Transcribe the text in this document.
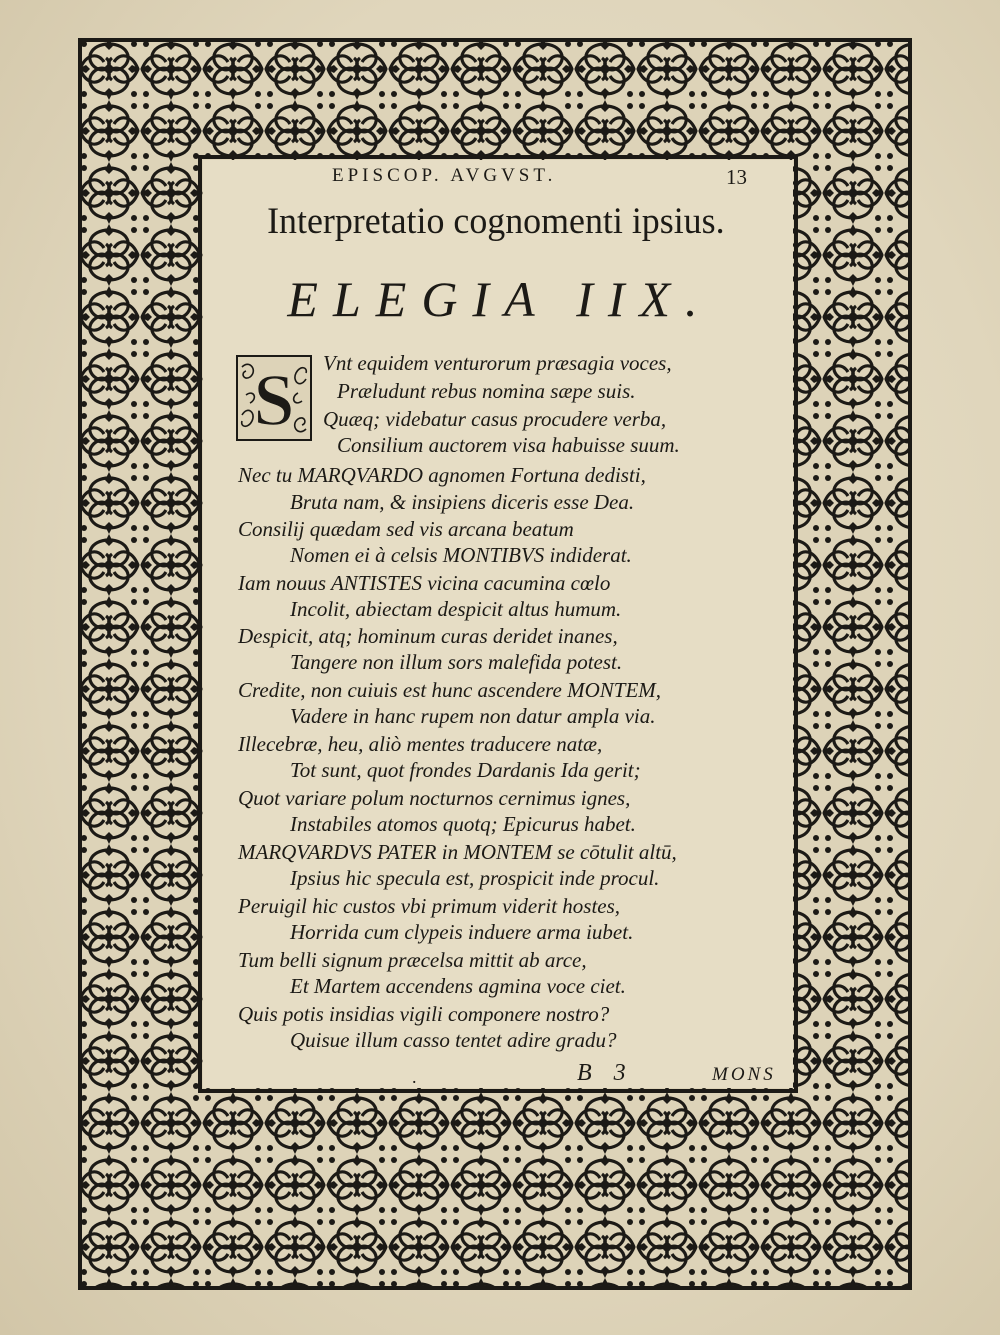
EPISCOP. AVGVST.	13
Interpretatio cognomenti ipsius.
ELEGIA IIX.
S Vnt equidem venturorum præsagia voces,
Præludunt rebus nomina sæpe suis.
Quæq; videbatur casus procudere verba,
Consilium auctorem visa habuisse suum.
Nec tu MARQVARDO agnomen Fortuna dedisti,
Bruta nam, & insipiens diceris esse Dea.
Consilij quædam sed vis arcana beatum
Nomen ei à celsis MONTIBVS indiderat.
Iam nouus ANTISTES vicina cacumina cœlo
Incolit, abiectam despicit altus humum.
Despicit, atq; hominum curas deridet inanes,
Tangere non illum sors malefida potest.
Credite, non cuiuis est hunc ascendere MONTEM,
Vadere in hanc rupem non datur ampla via.
Illecebræ, heu, aliò mentes traducere natæ,
Tot sunt, quot frondes Dardanis Ida gerit;
Quot variare polum nocturnos cernimus ignes,
Instabiles atomos quotq; Epicurus habet.
MARQVARDVS PATER in MONTEM se cōtulit altū,
Ipsius hic specula est, prospicit inde procul.
Peruigil hic custos vbi primum viderit hostes,
Horrida cum clypeis induere arma iubet.
Tum belli signum præcelsa mittit ab arce,
Et Martem accendens agmina voce ciet.
Quis potis insidias vigili componere nostro?
Quisue illum casso tentet adire gradu?
.	B 3	MONS
